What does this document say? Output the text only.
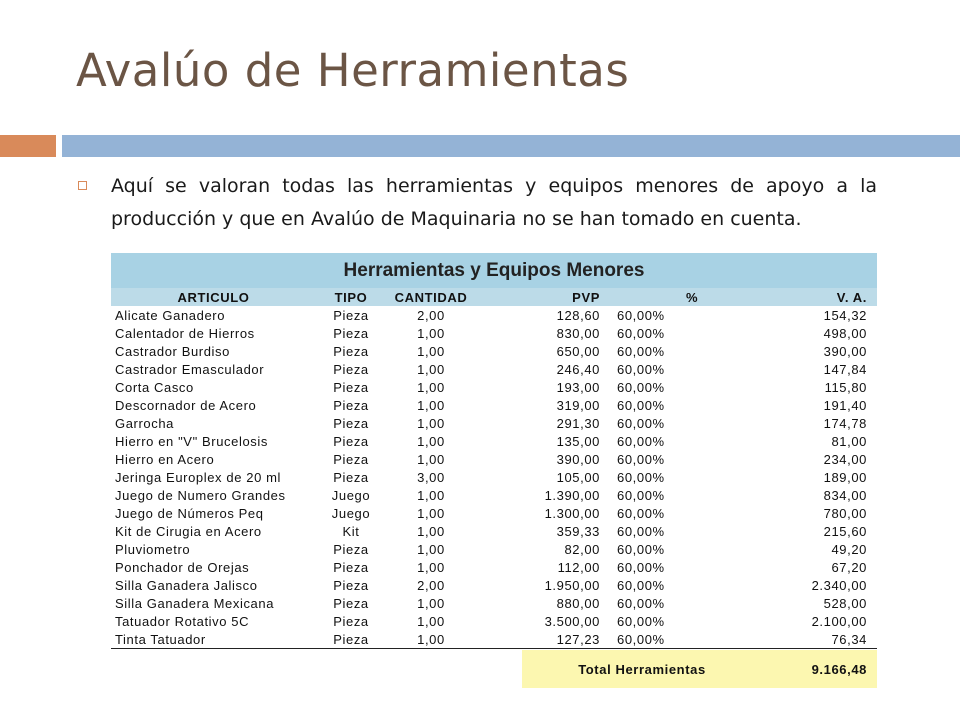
Avalúo de Herramientas
Aquí se valoran todas las herramientas y equipos menores de apoyo a la producción y que en Avalúo de Maquinaria no se han tomado en cuenta.
Herramientas y Equipos Menores
ARTICULO	TIPO	CANTIDAD	PVP	%	V. A.
Alicate Ganadero	Pieza	2,00	128,60	60,00%	154,32
Calentador de Hierros	Pieza	1,00	830,00	60,00%	498,00
Castrador Burdiso	Pieza	1,00	650,00	60,00%	390,00
Castrador Emasculador	Pieza	1,00	246,40	60,00%	147,84
Corta Casco	Pieza	1,00	193,00	60,00%	115,80
Descornador de Acero	Pieza	1,00	319,00	60,00%	191,40
Garrocha	Pieza	1,00	291,30	60,00%	174,78
Hierro en "V" Brucelosis	Pieza	1,00	135,00	60,00%	81,00
Hierro en Acero	Pieza	1,00	390,00	60,00%	234,00
Jeringa Europlex de 20 ml	Pieza	3,00	105,00	60,00%	189,00
Juego de Numero Grandes	Juego	1,00	1.390,00	60,00%	834,00
Juego de Números Peq	Juego	1,00	1.300,00	60,00%	780,00
Kit de Cirugia en Acero	Kit	1,00	359,33	60,00%	215,60
Pluviometro	Pieza	1,00	82,00	60,00%	49,20
Ponchador de Orejas	Pieza	1,00	112,00	60,00%	67,20
Silla Ganadera Jalisco	Pieza	2,00	1.950,00	60,00%	2.340,00
Silla Ganadera Mexicana	Pieza	1,00	880,00	60,00%	528,00
Tatuador Rotativo 5C	Pieza	1,00	3.500,00	60,00%	2.100,00
Tinta Tatuador	Pieza	1,00	127,23	60,00%	76,34
Total Herramientas	9.166,48
